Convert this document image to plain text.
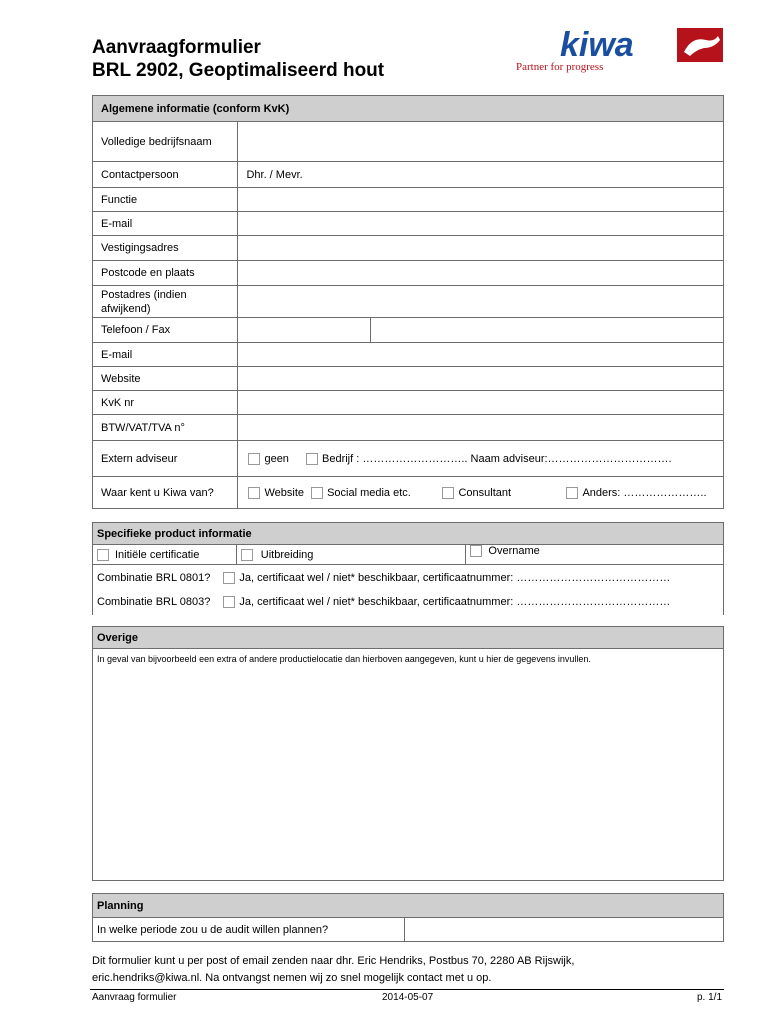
Aanvraagformulier
BRL 2902, Geoptimaliseerd hout
kiwa
Partner for progress
Algemene informatie (conform KvK)		
Volledige bedrijfsnaam		
Contactpersoon	Dhr. / Mevr.	
Functie		
E-mail		
Vestigingsadres		
Postcode en plaats		
Postadres (indien afwijkend)		
Telefoon / Fax		
E-mail		
Website		
KvK nr		
BTW/VAT/TVA n°		
Extern adviseur	geen Bedrijf : ……………………….. Naam adviseur:…………………………….	
Waar kent u Kiwa van?	Website Social media etc. Consultant Anders: …………………..	
Specifieke product informatie
Initiële certificatie	Uitbreiding	Overname

Combinatie BRL 0801?	Ja, certificaat wel / niet* beschikbaar, certificaatnummer: ……………………………………
Combinatie BRL 0803?	Ja, certificaat wel / niet* beschikbaar, certificaatnummer: ……………………………………
Overige
In geval van bijvoorbeeld een extra of andere productielocatie dan hierboven aangegeven, kunt u hier de gegevens invullen.
Planning
In welke periode zou u de audit willen plannen?	
Dit formulier kunt u per post of email zenden naar dhr. Eric Hendriks, Postbus 70, 2280 AB Rijswijk,
eric.hendriks@kiwa.nl. Na ontvangst nemen wij zo snel mogelijk contact met u op.
Aanvraag formulier	2014-05-07	p. 1/1
